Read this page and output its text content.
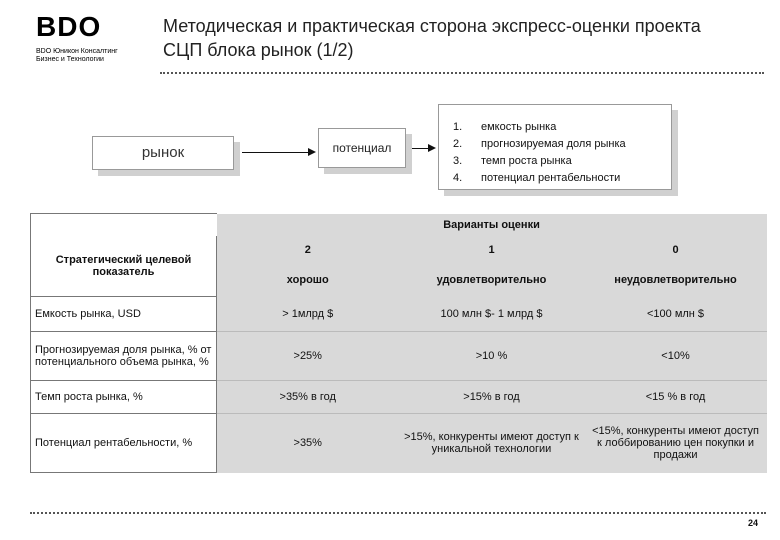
BDO
BDO Юникон Консалтинг
Бизнес и Технологии
Методическая и практическая сторона экспресс-оценки проекта
СЦП блока рынок (1/2)
рынок	потенциал
1.	емкость рынка
2.	прогнозируемая доля рынка
3.	темп роста рынка
4.	потенциал рентабельности
	Варианты оценки		
Стратегический целевой показатель	2	1	0
	хорошо	удовлетворительно	неудовлетворительно
Емкость рынка, USD	> 1млрд $	100 млн $- 1 млрд $	<100 млн $
Прогнозируемая доля рынка, % от потенциального объема рынка, %	>25%	>10 %	<10%
Темп роста рынка, %	>35% в год	>15% в год	<15 % в год
Потенциал рентабельности, %	>35%	>15%, конкуренты имеют доступ к уникальной технологии	<15%, конкуренты имеют доступ к лоббированию цен покупки и продажи
24
